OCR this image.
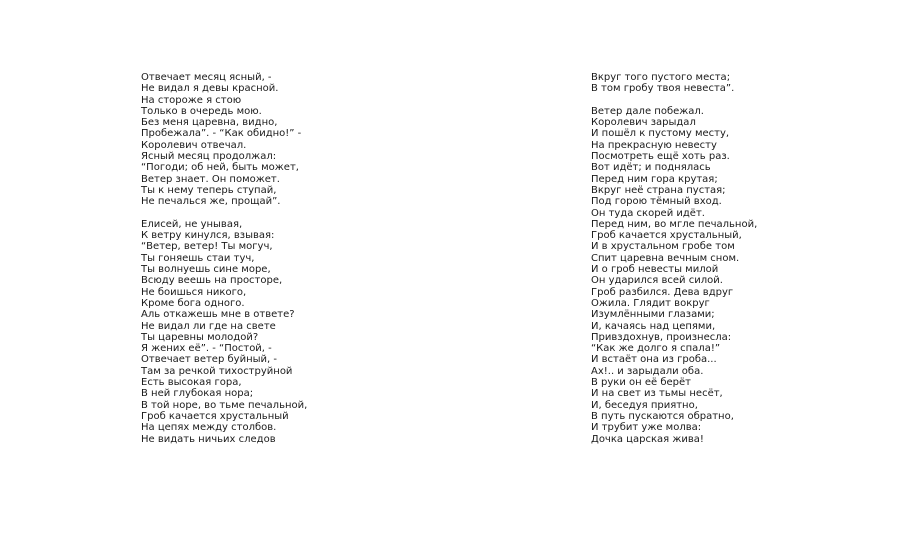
Отвечает месяц ясный, -
Не видал я девы красной.
На стороже я стою
Только в очередь мою.
Без меня царевна, видно,
Пробежала”. - “Как обидно!” -
Королевич отвечал.
Ясный месяц продолжал:
“Погоди; об ней, быть может,
Ветер знает. Он поможет.
Ты к нему теперь ступай,
Не печалься же, прощай”.
Елисей, не унывая,
К ветру кинулся, взывая:
“Ветер, ветер! Ты могуч,
Ты гоняешь стаи туч,
Ты волнуешь сине море,
Всюду веешь на просторе,
Не боишься никого,
Кроме бога одного.
Аль откажешь мне в ответе?
Не видал ли где на свете
Ты царевны молодой?
Я жених её”. - “Постой, -
Отвечает ветер буйный, -
Там за речкой тихоструйной
Есть высокая гора,
В ней глубокая нора;
В той норе, во тьме печальной,
Гроб качается хрустальный
На цепях между столбов.
Не видать ничьих следов
Вкруг того пустого места;
В том гробу твоя невеста”.
Ветер дале побежал.
Королевич зарыдал
И пошёл к пустому месту,
На прекрасную невесту
Посмотреть ещё хоть раз.
Вот идёт; и поднялась
Перед ним гора крутая;
Вкруг неё страна пустая;
Под горою тёмный вход.
Он туда скорей идёт.
Перед ним, во мгле печальной,
Гроб качается хрустальный,
И в хрустальном гробе том
Спит царевна вечным сном.
И о гроб невесты милой
Он ударился всей силой.
Гроб разбился. Дева вдруг
Ожила. Глядит вокруг
Изумлёнными глазами;
И, качаясь над цепями,
Привздохнув, произнесла:
“Как же долго я спала!”
И встаёт она из гроба...
Ах!.. и зарыдали оба.
В руки он её берёт
И на свет из тьмы несёт,
И, беседуя приятно,
В путь пускаются обратно,
И трубит уже молва:
Дочка царская жива!
